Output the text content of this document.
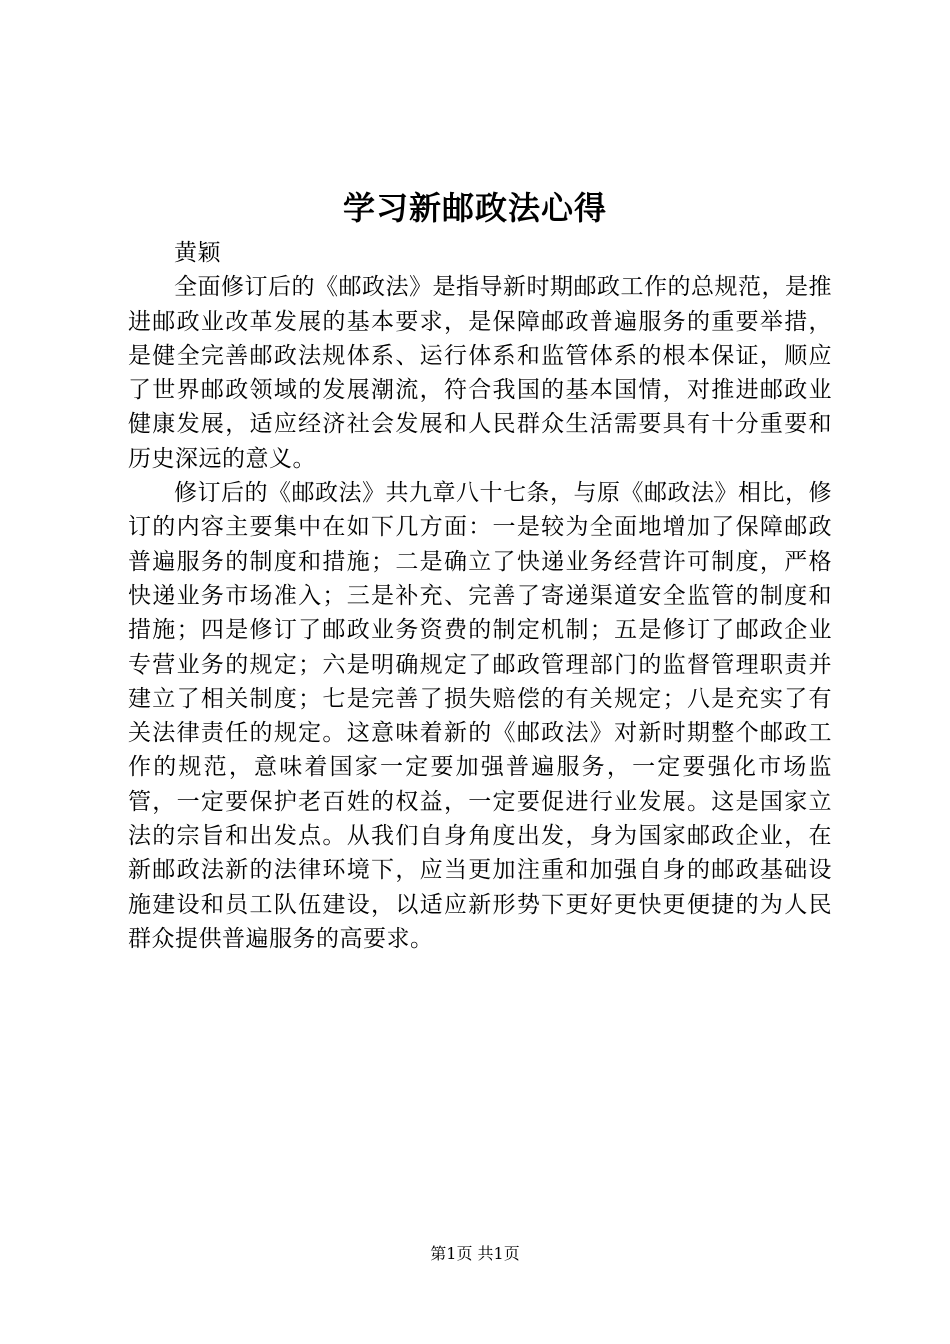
学习新邮政法心得

黄颖

全面修订后的《邮政法》是指导新时期邮政工作的总规范，是推进邮政业改革发展的基本要求，是保障邮政普遍服务的重要举措，是健全完善邮政法规体系、运行体系和监管体系的根本保证，顺应了世界邮政领域的发展潮流，符合我国的基本国情，对推进邮政业健康发展，适应经济社会发展和人民群众生活需要具有十分重要和历史深远的意义。

修订后的《邮政法》共九章八十七条，与原《邮政法》相比，修订的内容主要集中在如下几方面：一是较为全面地增加了保障邮政普遍服务的制度和措施；二是确立了快递业务经营许可制度，严格快递业务市场准入；三是补充、完善了寄递渠道安全监管的制度和措施；四是修订了邮政业务资费的制定机制；五是修订了邮政企业专营业务的规定；六是明确规定了邮政管理部门的监督管理职责并建立了相关制度；七是完善了损失赔偿的有关规定；八是充实了有关法律责任的规定。这意味着新的《邮政法》对新时期整个邮政工作的规范，意味着国家一定要加强普遍服务，一定要强化市场监管，一定要保护老百姓的权益，一定要促进行业发展。这是国家立法的宗旨和出发点。从我们自身角度出发，身为国家邮政企业，在新邮政法新的法律环境下，应当更加注重和加强自身的邮政基础设施建设和员工队伍建设，以适应新形势下更好更快更便捷的为人民群众提供普遍服务的高要求。

第1页 共1页
